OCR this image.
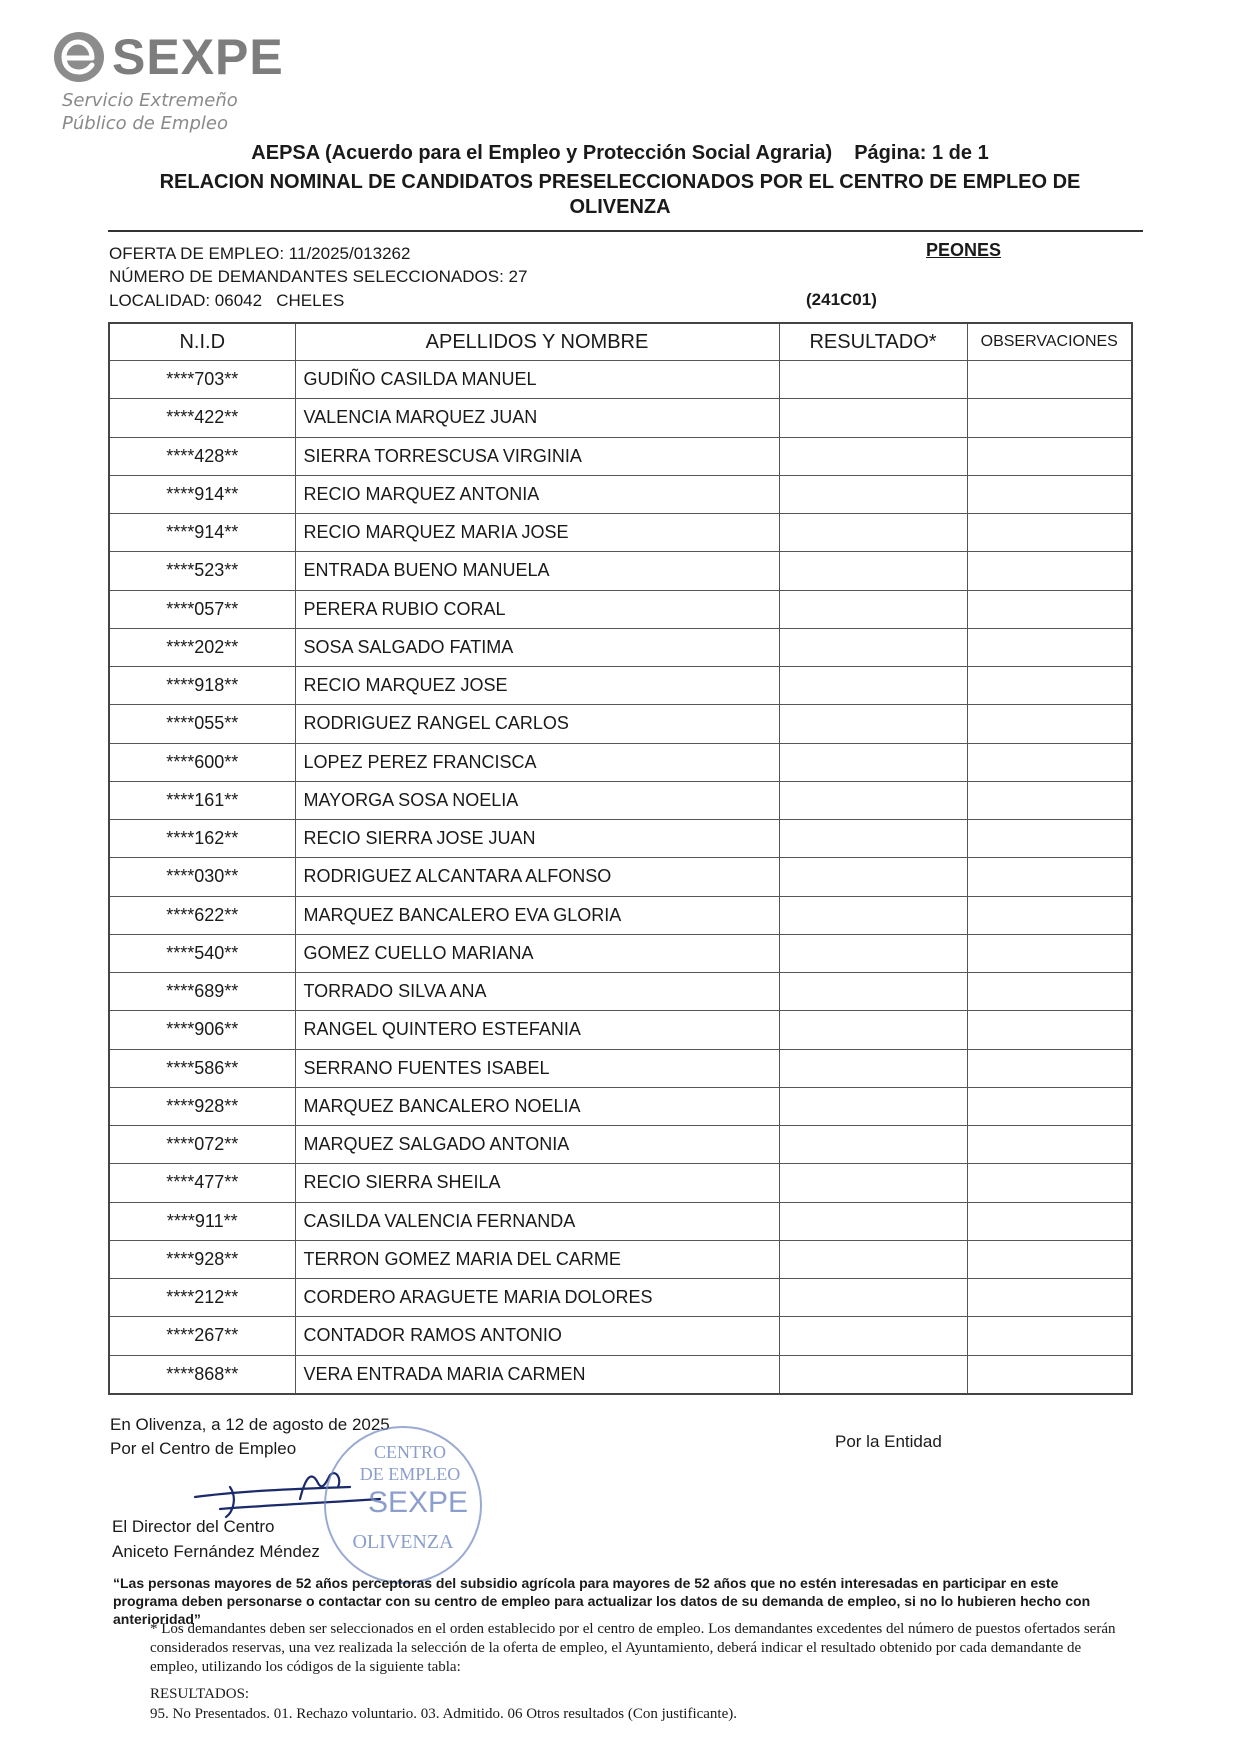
SEXPE
Servicio Extremeño
Público de Empleo
AEPSA (Acuerdo para el Empleo y Protección Social Agraria) Página: 1 de 1
RELACION NOMINAL DE CANDIDATOS PRESELECCIONADOS POR EL CENTRO DE EMPLEO DE OLIVENZA
OFERTA DE EMPLEO: 11/2025/013262
NÚMERO DE DEMANDANTES SELECCIONADOS: 27
LOCALIDAD: 06042   CHELES
PEONES
(241C01)
N.I.D	APELLIDOS Y NOMBRE	RESULTADO*	OBSERVACIONES
****703**	GUDIÑO CASILDA MANUEL		
****422**	VALENCIA MARQUEZ JUAN		
****428**	SIERRA TORRESCUSA VIRGINIA		
****914**	RECIO MARQUEZ ANTONIA		
****914**	RECIO MARQUEZ MARIA JOSE		
****523**	ENTRADA BUENO MANUELA		
****057**	PERERA RUBIO CORAL		
****202**	SOSA SALGADO FATIMA		
****918**	RECIO MARQUEZ JOSE		
****055**	RODRIGUEZ RANGEL CARLOS		
****600**	LOPEZ PEREZ FRANCISCA		
****161**	MAYORGA SOSA NOELIA		
****162**	RECIO SIERRA JOSE JUAN		
****030**	RODRIGUEZ ALCANTARA ALFONSO		
****622**	MARQUEZ BANCALERO EVA GLORIA		
****540**	GOMEZ CUELLO MARIANA		
****689**	TORRADO SILVA ANA		
****906**	RANGEL QUINTERO ESTEFANIA		
****586**	SERRANO FUENTES ISABEL		
****928**	MARQUEZ BANCALERO NOELIA		
****072**	MARQUEZ SALGADO ANTONIA		
****477**	RECIO SIERRA SHEILA		
****911**	CASILDA VALENCIA FERNANDA		
****928**	TERRON GOMEZ MARIA DEL CARME		
****212**	CORDERO ARAGUETE MARIA DOLORES		
****267**	CONTADOR RAMOS ANTONIO		
****868**	VERA ENTRADA MARIA CARMEN		
En Olivenza, a 12 de agosto de 2025
Por el Centro de Empleo	Por la Entidad
CENTRO
DE EMPLEO
SEXPE
OLIVENZA
El Director del Centro
Aniceto Fernández Méndez
“Las personas mayores de 52 años perceptoras del subsidio agrícola para mayores de 52 años que no estén interesadas en participar en este programa deben personarse o contactar con su centro de empleo para actualizar los datos de su demanda de empleo, si no lo hubieren hecho con anterioridad”
* Los demandantes deben ser seleccionados en el orden establecido por el centro de empleo. Los demandantes excedentes del número de puestos ofertados serán considerados reservas, una vez realizada la selección de la oferta de empleo, el Ayuntamiento, deberá indicar el resultado obtenido por cada demandante de empleo, utilizando los códigos de la siguiente tabla:
RESULTADOS:
95. No Presentados. 01. Rechazo voluntario. 03. Admitido. 06 Otros resultados (Con justificante).
